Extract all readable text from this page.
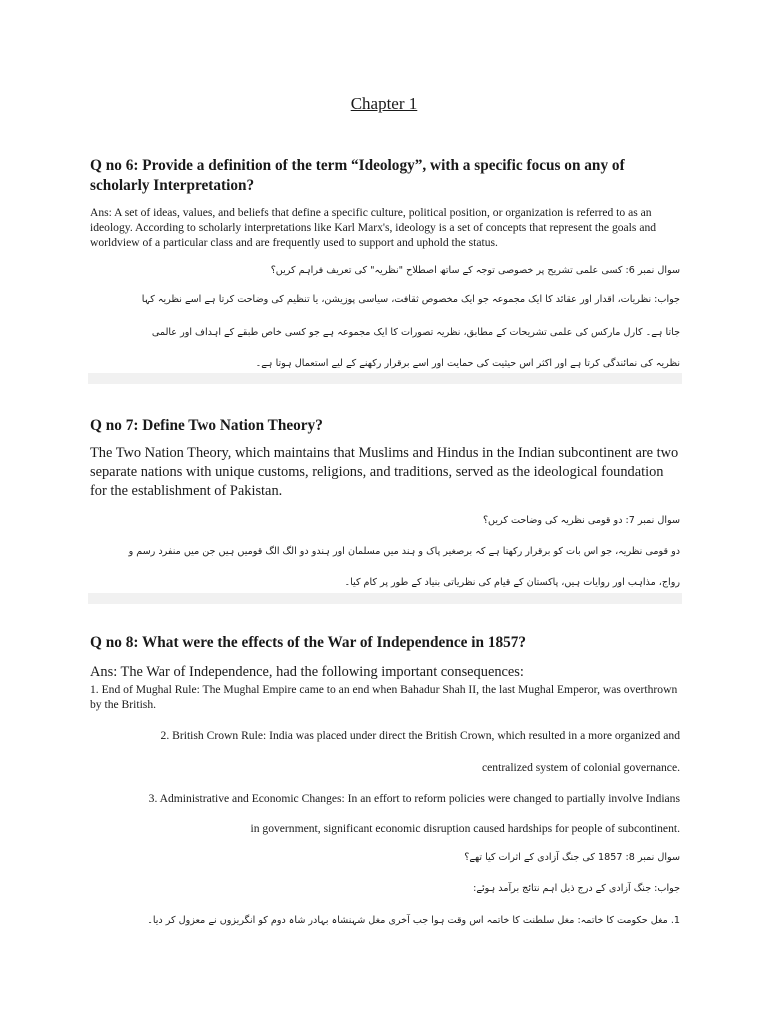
Chapter 1

Q no 6: Provide a definition of the term “Ideology”, with a specific focus on any of scholarly Interpretation?

Ans: A set of ideas, values, and beliefs that define a specific culture, political position, or organization is referred to as an ideology. According to scholarly interpretations like Karl Marx's, ideology is a set of concepts that represent the goals and worldview of a particular class and are frequently used to support and uphold the status.

سوال نمبر 6: کسی علمی تشریح پر خصوصی توجہ کے ساتھ اصطلاح "نظریہ" کی تعریف فراہم کریں؟

جواب: نظریات، اقدار اور عقائد کا ایک مجموعہ جو ایک مخصوص ثقافت، سیاسی پوزیشن، یا تنظیم کی وضاحت کرتا ہے اسے نظریہ کہا

جاتا ہے۔ کارل مارکس کی علمی تشریحات کے مطابق، نظریہ تصورات کا ایک مجموعہ ہے جو کسی خاص طبقے کے اہداف اور عالمی

نظریہ کی نمائندگی کرتا ہے اور اکثر اس حیثیت کی حمایت اور اسے برقرار رکھنے کے لیے استعمال ہوتا ہے۔

Q no 7: Define Two Nation Theory?

The Two Nation Theory, which maintains that Muslims and Hindus in the Indian subcontinent are two separate nations with unique customs, religions, and traditions, served as the ideological foundation for the establishment of Pakistan.

سوال نمبر 7: دو قومی نظریہ کی وضاحت کریں؟

دو قومی نظریہ، جو اس بات کو برقرار رکھتا ہے کہ برصغیر پاک و ہند میں مسلمان اور ہندو دو الگ الگ قومیں ہیں جن میں منفرد رسم و

رواج، مذاہب اور روایات ہیں، پاکستان کے قیام کی نظریاتی بنیاد کے طور پر کام کیا۔

Q no 8: What were the effects of the War of Independence in 1857?

Ans: The War of Independence, had the following important consequences:

1. End of Mughal Rule: The Mughal Empire came to an end when Bahadur Shah II, the last Mughal Emperor, was overthrown by the British.

2. British Crown Rule: India was placed under direct the British Crown, which resulted in a more organized and

centralized system of colonial governance.

3. Administrative and Economic Changes: In an effort to reform policies were changed to partially involve Indians

in government, significant economic disruption caused hardships for people of subcontinent.

سوال نمبر 8: 1857 کی جنگ آزادی کے اثرات کیا تھے؟

جواب: جنگ آزادی کے درج ذیل اہم نتائج برآمد ہوئے:

1. مغل حکومت کا خاتمہ: مغل سلطنت کا خاتمہ اس وقت ہوا جب آخری مغل شہنشاہ بہادر شاہ دوم کو انگریزوں نے معزول کر دیا۔
